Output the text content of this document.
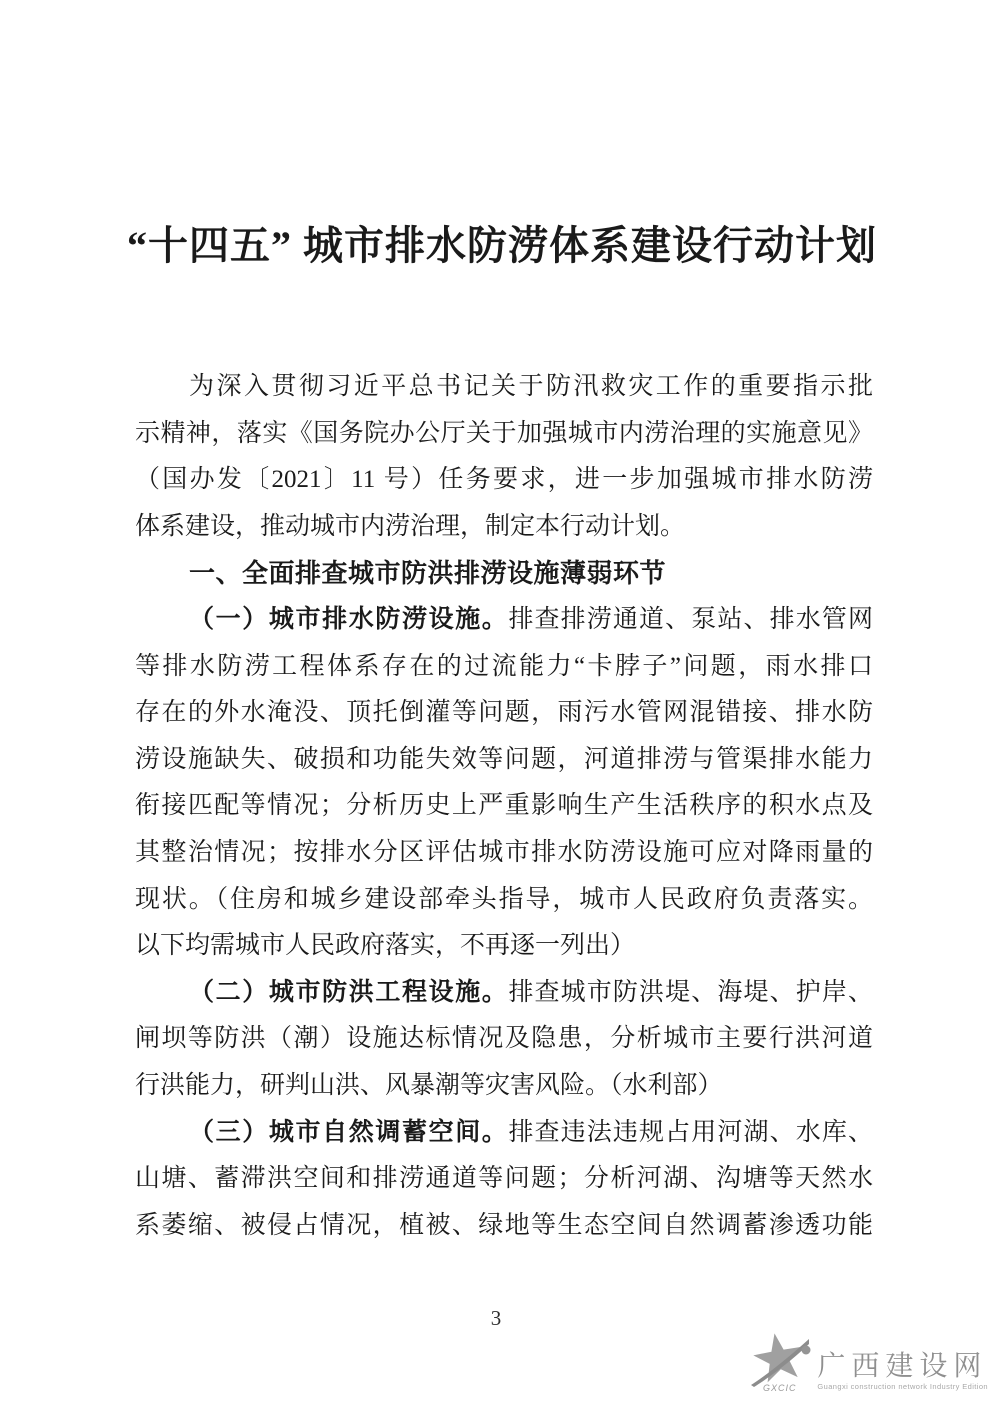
“十四五” 城市排水防涝体系建设行动计划
为深入贯彻习近平总书记关于防汛救灾工作的重要指示批
示精神，落实《国务院办公厅关于加强城市内涝治理的实施意见》
（国办发〔2021〕11 号）任务要求，进一步加强城市排水防涝
体系建设，推动城市内涝治理，制定本行动计划。
一、全面排查城市防洪排涝设施薄弱环节
（一）城市排水防涝设施。排查排涝通道、泵站、排水管网
等排水防涝工程体系存在的过流能力“卡脖子”问题，雨水排口
存在的外水淹没、顶托倒灌等问题，雨污水管网混错接、排水防
涝设施缺失、破损和功能失效等问题，河道排涝与管渠排水能力
衔接匹配等情况；分析历史上严重影响生产生活秩序的积水点及
其整治情况；按排水分区评估城市排水防涝设施可应对降雨量的
现状。（住房和城乡建设部牵头指导，城市人民政府负责落实。
以下均需城市人民政府落实，不再逐一列出）
（二）城市防洪工程设施。排查城市防洪堤、海堤、护岸、
闸坝等防洪（潮）设施达标情况及隐患，分析城市主要行洪河道
行洪能力，研判山洪、风暴潮等灾害风险。（水利部）
（三）城市自然调蓄空间。排查违法违规占用河湖、水库、
山塘、蓄滞洪空间和排涝通道等问题；分析河湖、沟塘等天然水
系萎缩、被侵占情况，植被、绿地等生态空间自然调蓄渗透功能
3
GXCIC
广西建设网
Guangxi construction network Industry Edition
